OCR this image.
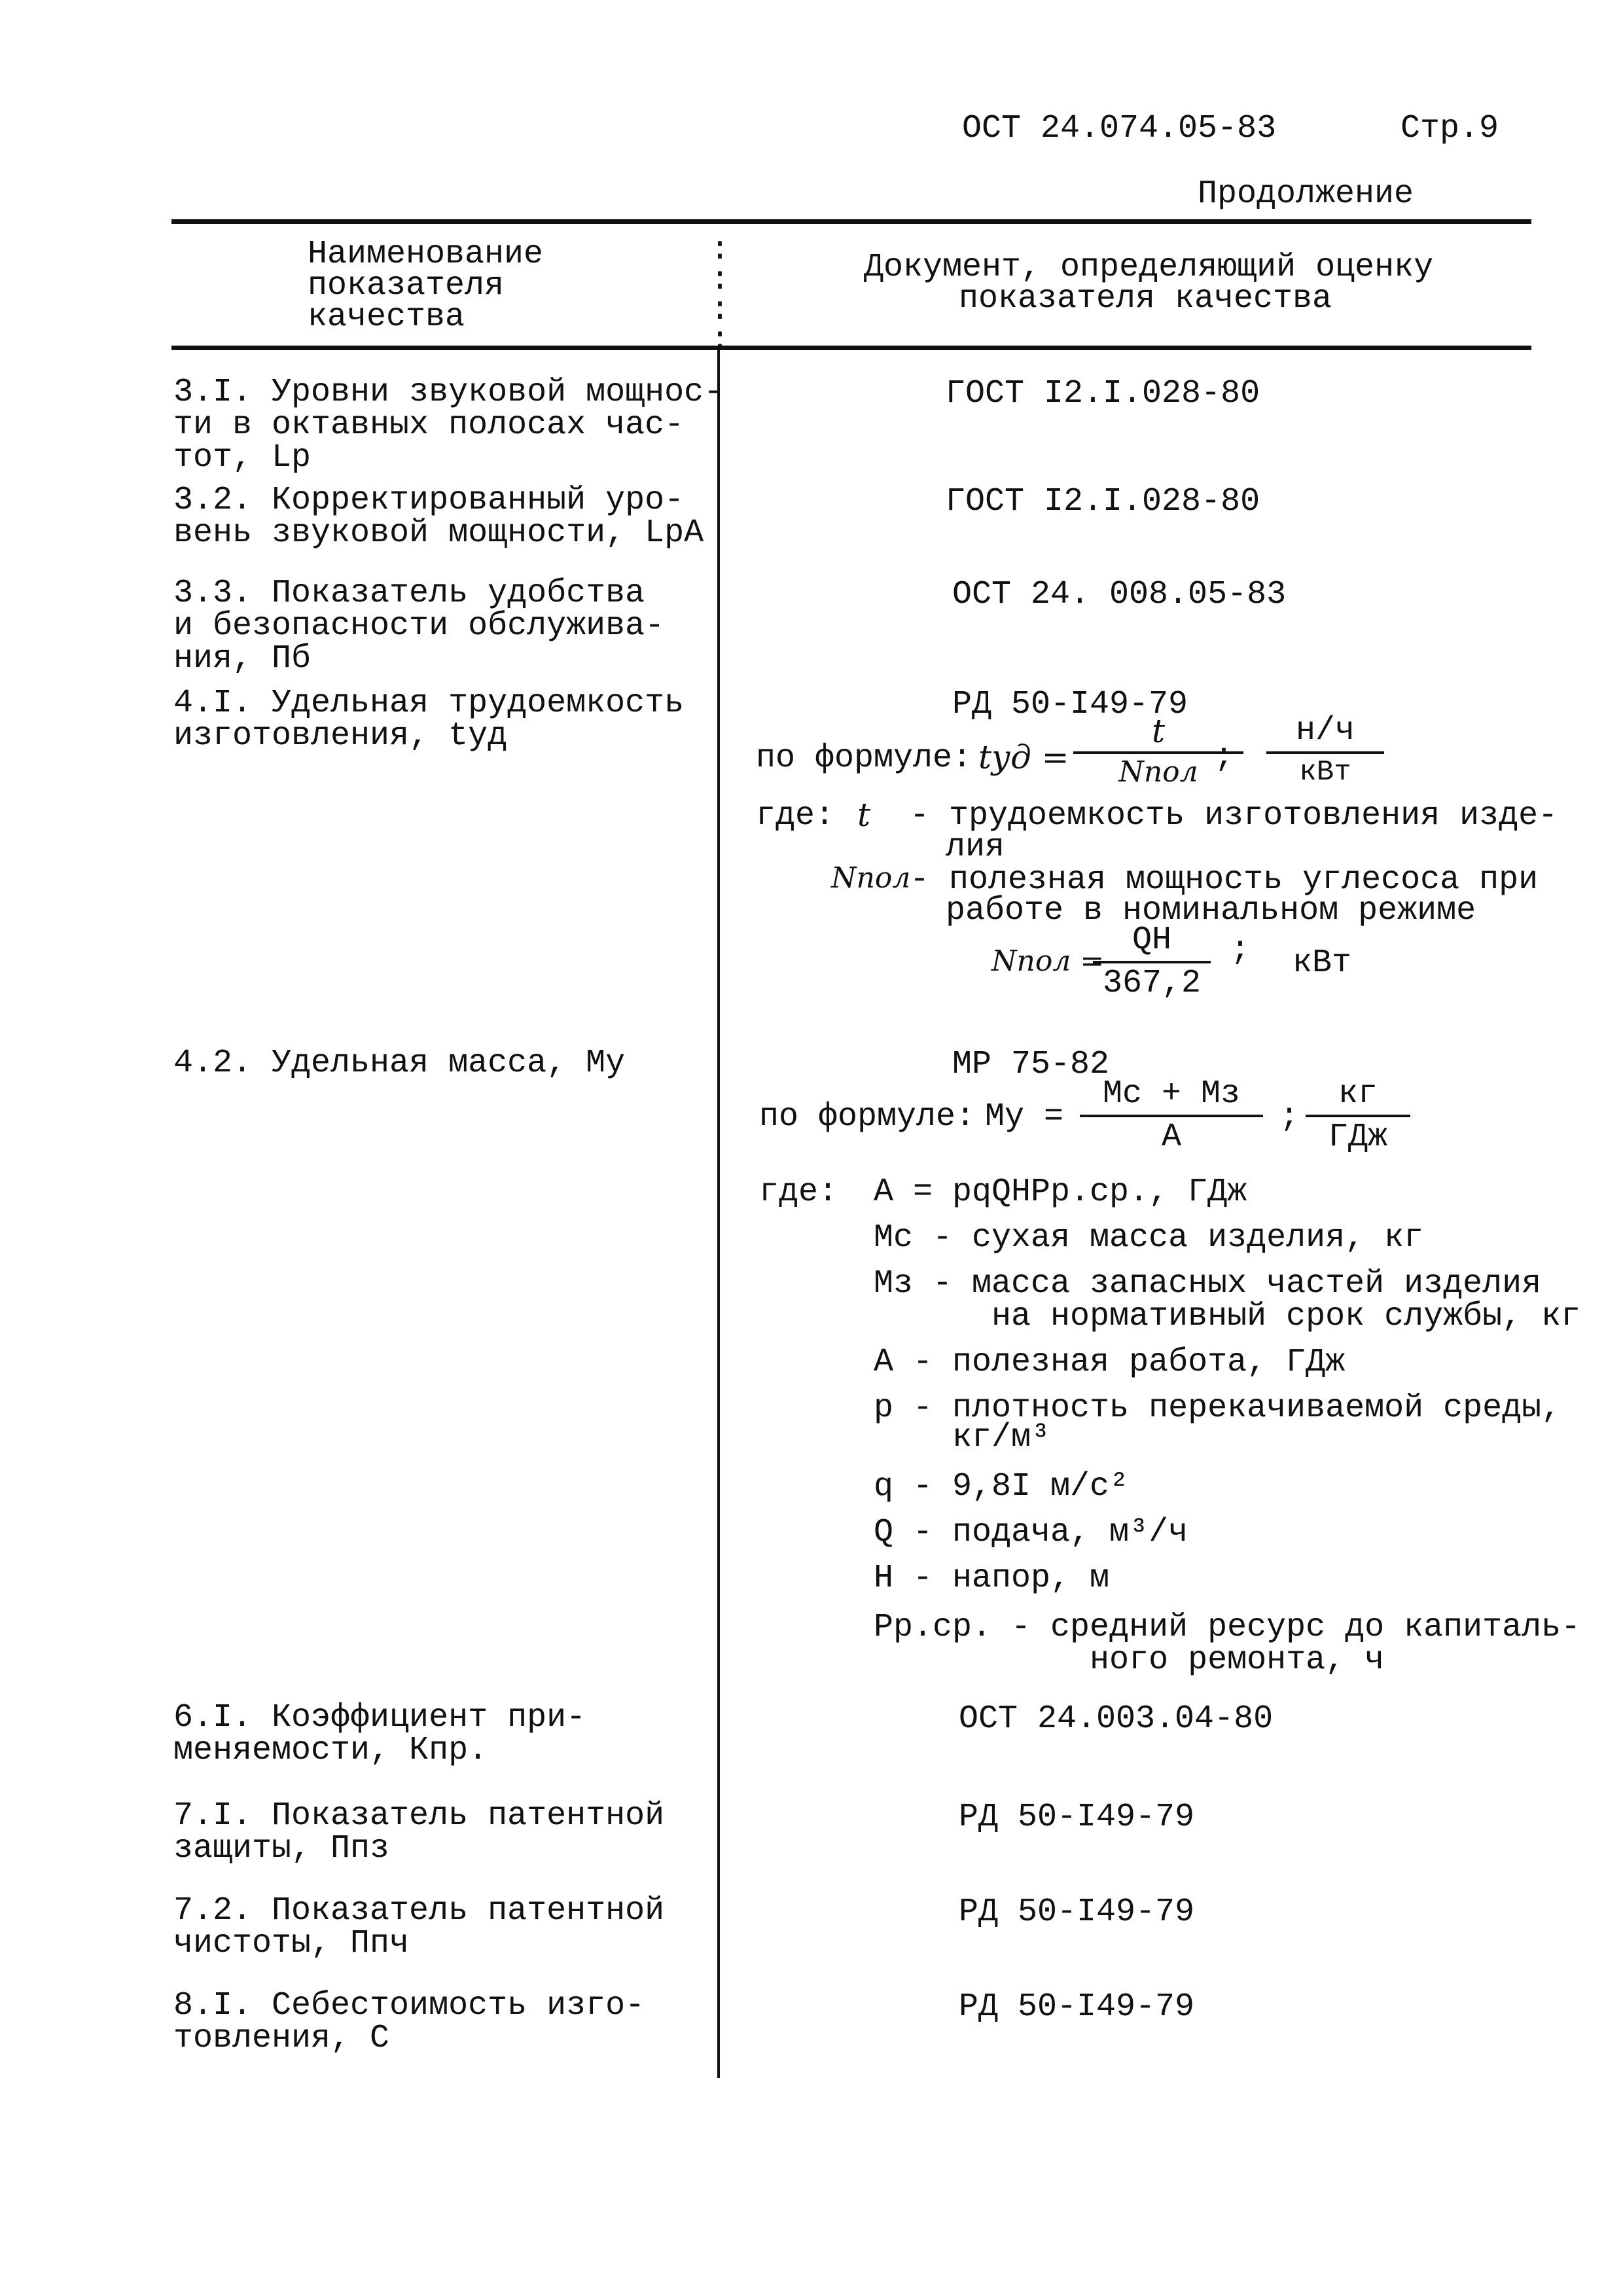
ОСТ 24.074.05-83	Стр.9
Продолжение
Наименование
показателя
качества
:
:
:
:
Документ, определяющий оценку
показателя качества
3.I. Уровни звуковой мощнос-
ти в октавных полосах час-
тот, Lр
3.2. Корректированный уро-
вень звуковой мощности, LрA
3.3. Показатель удобства
и безопасности обслужива-
ния, Пб
4.I. Удельная трудоемкость
изготовления, tуд
4.2. Удельная масса, Му
6.I. Коэффициент при-
меняемости, Кпр.
7.I. Показатель патентной
защиты, Ппз
7.2. Показатель патентной
чистоты, Ппч
8.I. Себестоимость изго-
товления, С
ГОСТ I2.I.028-80
ГОСТ I2.I.028-80
ОСТ 24. 008.05-83
РД 50-I49-79
МР 75-82
ОСТ 24.003.04-80
РД 50-I49-79
РД 50-I49-79
РД 50-I49-79
по формуле: tуд =
t
Nпол ;
н/ч
кВт
где: t - трудоемкость изготовления изде-
лия
Nпол
- полезная мощность углесоса при
работе в номинальном режиме
Nпол =
QH
367,2
; кВт
по формуле: Му =
Мс + Мз
А
;
кг
ГДж
где: А = pqQHPр.ср., ГДж
Мс - сухая масса изделия, кг
Мз - масса запасных частей изделия
на нормативный срок службы, кг
А - полезная работа, ГДж
p - плотность перекачиваемой среды,
кг/м³
q - 9,8I м/с²
Q - подача, м³/ч
Н - напор, м
Рр.ср. - средний ресурс до капиталь-
ного ремонта, ч
